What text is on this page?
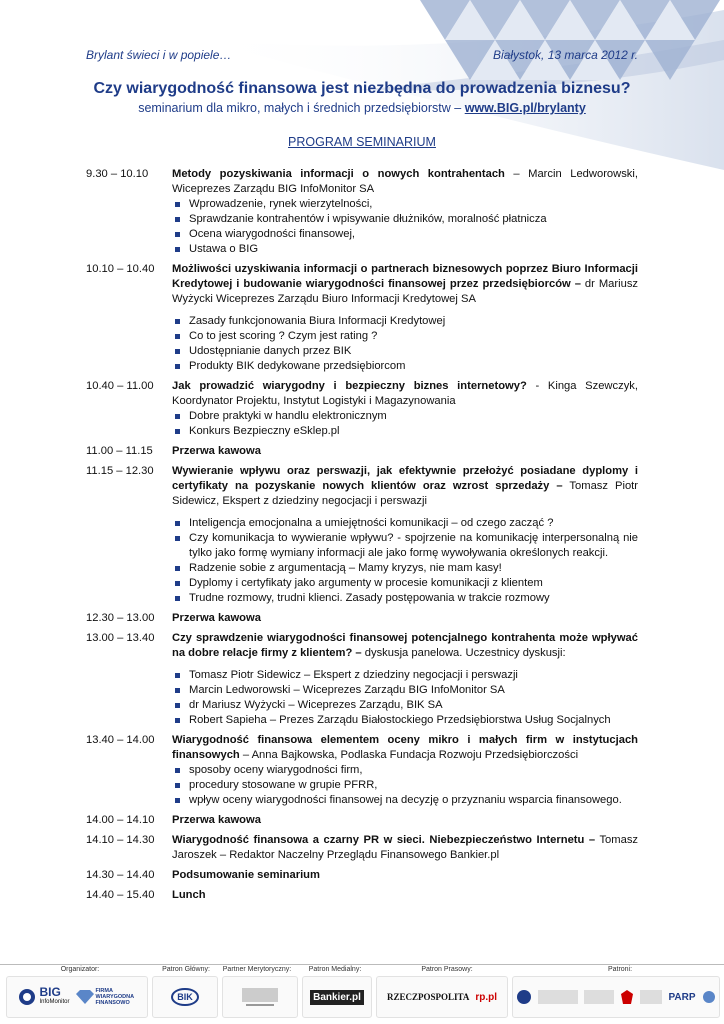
Brylant świeci i w popiele…	Białystok, 13 marca 2012 r.
Czy wiarygodność finansowa jest niezbędna do prowadzenia biznesu?
seminarium dla mikro, małych i średnich przedsiębiorstw – www.BIG.pl/brylanty
PROGRAM SEMINARIUM
9.30 – 10.10	Metody pozyskiwania informacji o nowych kontrahentach – Marcin Ledworowski, Wiceprezes Zarządu BIG InfoMonitor SA
Wprowadzenie, rynek wierzytelności,
Sprawdzanie kontrahentów i wpisywanie dłużników, moralność płatnicza
Ocena wiarygodności finansowej,
Ustawa o BIG
10.10 – 10.40	Możliwości uzyskiwania informacji o partnerach biznesowych poprzez Biuro Informacji Kredytowej i budowanie wiarygodności finansowej przez przedsiębiorców – dr Mariusz Wyżycki Wiceprezes Zarządu Biuro Informacji Kredytowej SA
Zasady funkcjonowania Biura Informacji Kredytowej
Co to jest scoring ? Czym jest rating ?
Udostępnianie danych przez BIK
Produkty BIK dedykowane przedsiębiorcom
10.40 – 11.00	Jak prowadzić wiarygodny i bezpieczny biznes internetowy? - Kinga Szewczyk, Koordynator Projektu, Instytut Logistyki i Magazynowania
Dobre praktyki w handlu elektronicznym
Konkurs Bezpieczny eSklep.pl
11.00 – 11.15	Przerwa kawowa
11.15 – 12.30	Wywieranie wpływu oraz perswazji, jak efektywnie przełożyć posiadane dyplomy i certyfikaty na pozyskanie nowych klientów oraz wzrost sprzedaży – Tomasz Piotr Sidewicz, Ekspert z dziedziny negocjacji i perswazji
Inteligencja emocjonalna a umiejętności komunikacji – od czego zacząć ?
Czy komunikacja to wywieranie wpływu? - spojrzenie na komunikację interpersonalną nie tylko jako formę wymiany informacji ale jako formę wywoływania określonych reakcji.
Radzenie sobie z argumentacją – Mamy kryzys, nie mam kasy!
Dyplomy i certyfikaty jako argumenty w procesie komunikacji z klientem
Trudne rozmowy, trudni klienci. Zasady postępowania w trakcie rozmowy
12.30 – 13.00	Przerwa kawowa
13.00 – 13.40	Czy sprawdzenie wiarygodności finansowej potencjalnego kontrahenta może wpływać na dobre relacje firmy z klientem? – dyskusja panelowa. Uczestnicy dyskusji:
Tomasz Piotr Sidewicz – Ekspert z dziedziny negocjacji i perswazji
Marcin Ledworowski – Wiceprezes Zarządu BIG InfoMonitor SA
dr Mariusz Wyżycki – Wiceprezes Zarządu, BIK SA
Robert Sapieha – Prezes Zarządu Białostockiego Przedsiębiorstwa Usług Socjalnych
13.40 – 14.00	Wiarygodność finansowa elementem oceny mikro i małych firm w instytucjach finansowych – Anna Bajkowska, Podlaska Fundacja Rozwoju Przedsiębiorczości
sposoby oceny wiarygodności firm,
procedury stosowane w grupie PFRR,
wpływ oceny wiarygodności finansowej na decyzję o przyznaniu wsparcia finansowego.
14.00 – 14.10	Przerwa kawowa
14.10 – 14.30	Wiarygodność finansowa a czarny PR w sieci. Niebezpieczeństwo Internetu – Tomasz Jaroszek – Redaktor Naczelny Przeglądu Finansowego Bankier.pl
14.30 – 14.40	Podsumowanie seminarium
14.40 – 15.40	Lunch
Organizator:	Patron Główny:	Partner Merytoryczny:	Patron Medialny:	Patron Prasowy:	Patroni:
BIG
InfoMonitor
FIRMA WIARYGODNA FINANSOWO
BIK	Bankier.pl	RZECZPOSPOLITA rp.pl	PARP
